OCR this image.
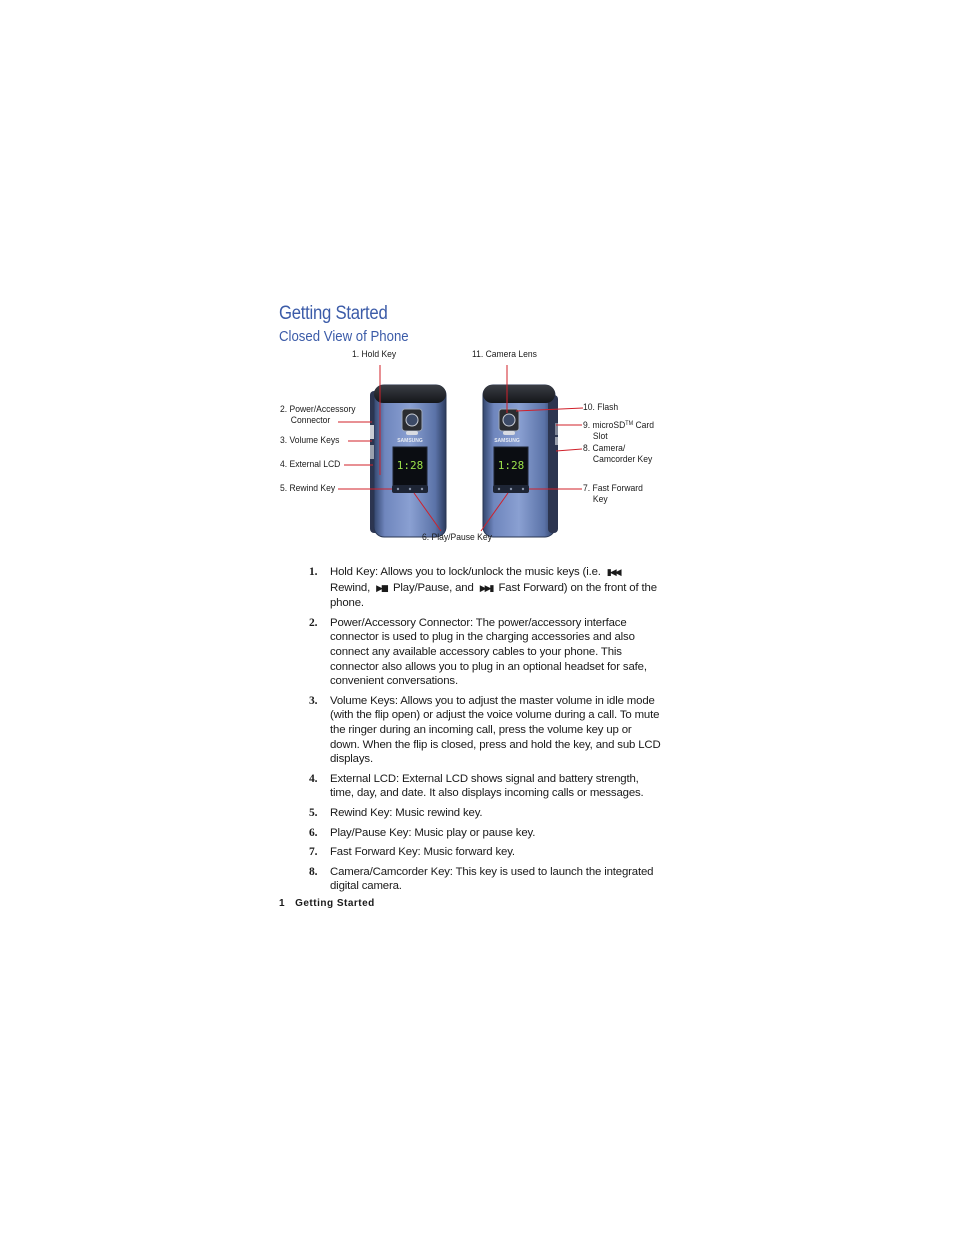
Getting Started
Closed View of Phone
SAMSUNG
1:28
SAMSUNG
1:28
1. Hold Key
2. Power/Accessory
Connector
3. Volume Keys
4. External LCD
5. Rewind Key
6. Play/Pause Key
11. Camera Lens
10. Flash
9. microSD™ Card
Slot
8. Camera/
Camcorder Key
7. Fast Forward
Key
1. Hold Key: Allows you to lock/unlock the music keys (i.e. ▮◀◀ Rewind, ▶▮▮ Play/Pause, and ▶▶▮ Fast Forward) on the front of the phone.
2. Power/Accessory Connector: The power/accessory interface connector is used to plug in the charging accessories and also connect any available accessory cables to your phone. This connector also allows you to plug in an optional headset for safe, convenient conversations.
3. Volume Keys: Allows you to adjust the master volume in idle mode (with the flip open) or adjust the voice volume during a call. To mute the ringer during an incoming call, press the volume key up or down. When the flip is closed, press and hold the key, and sub LCD displays.
4. External LCD: External LCD shows signal and battery strength, time, day, and date. It also displays incoming calls or messages.
5. Rewind Key: Music rewind key.
6. Play/Pause Key: Music play or pause key.
7. Fast Forward Key: Music forward key.
8. Camera/Camcorder Key: This key is used to launch the integrated digital camera.
1 Getting Started
